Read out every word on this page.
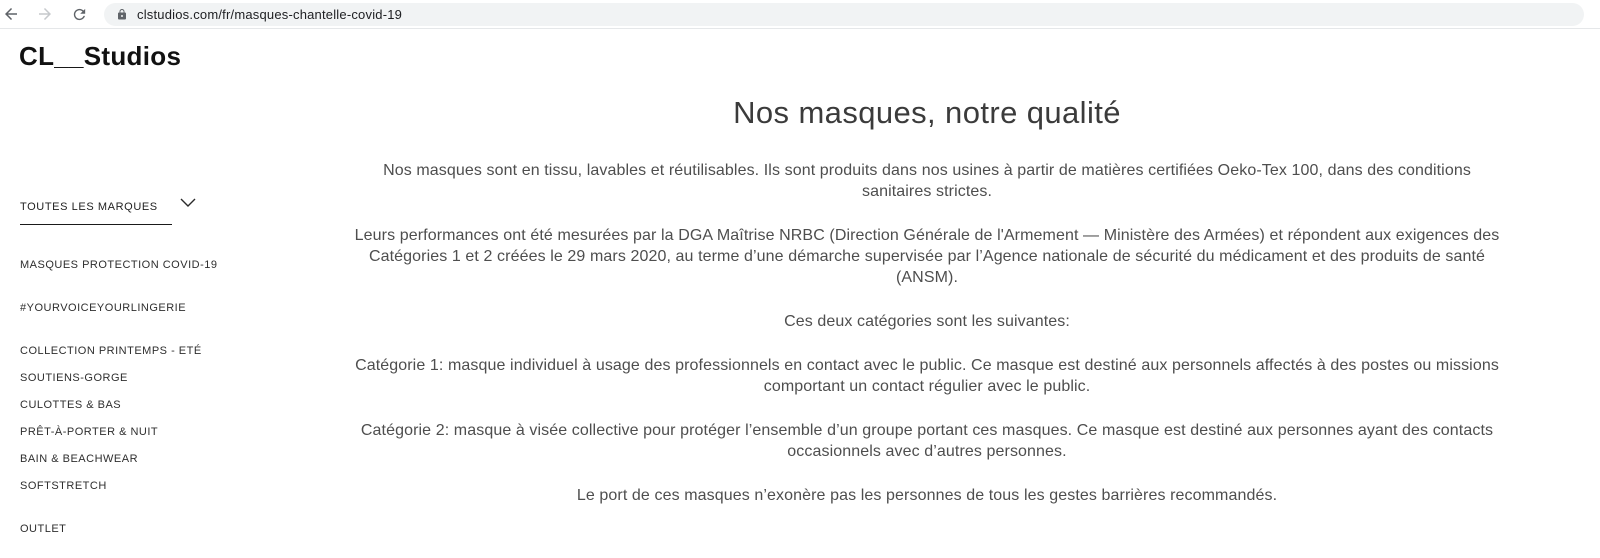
clstudios.com/fr/masques-chantelle-covid-19
CL__Studios
TOUTES LES MARQUES
MASQUES PROTECTION COVID-19
#YOURVOICEYOURLINGERIE
COLLECTION PRINTEMPS - ETÉ
SOUTIENS-GORGE
CULOTTES & BAS
PRÊT-À-PORTER & NUIT
BAIN & BEACHWEAR
SOFTSTRETCH
OUTLET
Nos masques, notre qualité

Nos masques sont en tissu, lavables et réutilisables. Ils sont produits dans nos usines à partir de matières certifiées Oeko-Tex 100, dans des conditions sanitaires strictes.

Leurs performances ont été mesurées par la DGA Maîtrise NRBC (Direction Générale de l'Armement — Ministère des Armées) et répondent aux exigences des Catégories 1 et 2 créées le 29 mars 2020, au terme d’une démarche supervisée par l’Agence nationale de sécurité du médicament et des produits de santé (ANSM).

Ces deux catégories sont les suivantes:

Catégorie 1: masque individuel à usage des professionnels en contact avec le public. Ce masque est destiné aux personnels affectés à des postes ou missions comportant un contact régulier avec le public.

Catégorie 2: masque à visée collective pour protéger l’ensemble d’un groupe portant ces masques. Ce masque est destiné aux personnes ayant des contacts occasionnels avec d’autres personnes.

Le port de ces masques n’exonère pas les personnes de tous les gestes barrières recommandés.
